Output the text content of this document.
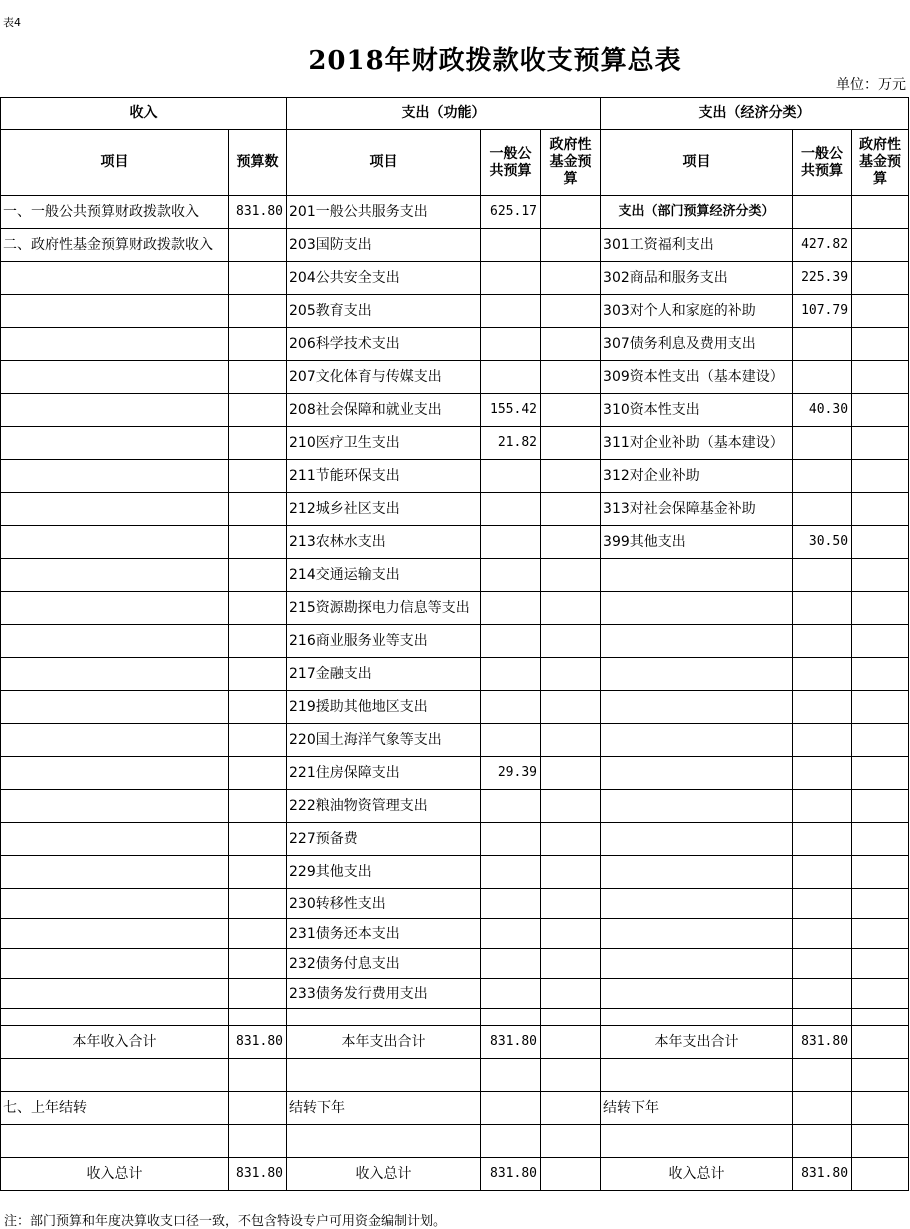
表4
2018年财政拨款收支预算总表
单位：万元
收入		支出（功能）			支出（经济分类）		
项目	预算数	项目	一般公共预算	政府性基金预算	项目	一般公共预算	政府性基金预算
一、一般公共预算财政拨款收入	831.80	201一般公共服务支出	625.17		支出（部门预算经济分类）		
二、政府性基金预算财政拨款收入		203国防支出			301工资福利支出	427.82	
		204公共安全支出			302商品和服务支出	225.39	
		205教育支出			303对个人和家庭的补助	107.79	
		206科学技术支出			307债务利息及费用支出		
		207文化体育与传媒支出			309资本性支出（基本建设）		
		208社会保障和就业支出	155.42		310资本性支出	40.30	
		210医疗卫生支出	21.82		311对企业补助（基本建设）		
		211节能环保支出			312对企业补助		
		212城乡社区支出			313对社会保障基金补助		
		213农林水支出			399其他支出	30.50	
		214交通运输支出					
		215资源勘探电力信息等支出					
		216商业服务业等支出					
		217金融支出					
		219援助其他地区支出					
		220国土海洋气象等支出					
		221住房保障支出	29.39				
		222粮油物资管理支出					
		227预备费					
		229其他支出					
		230转移性支出					
		231债务还本支出					
		232债务付息支出					
		233债务发行费用支出					

本年收入合计	831.80	本年支出合计	831.80		本年支出合计	831.80	

七、上年结转		结转下年			结转下年		

收入总计	831.80	收入总计	831.80		收入总计	831.80	
注：部门预算和年度决算收支口径一致，不包含特设专户可用资金编制计划。
